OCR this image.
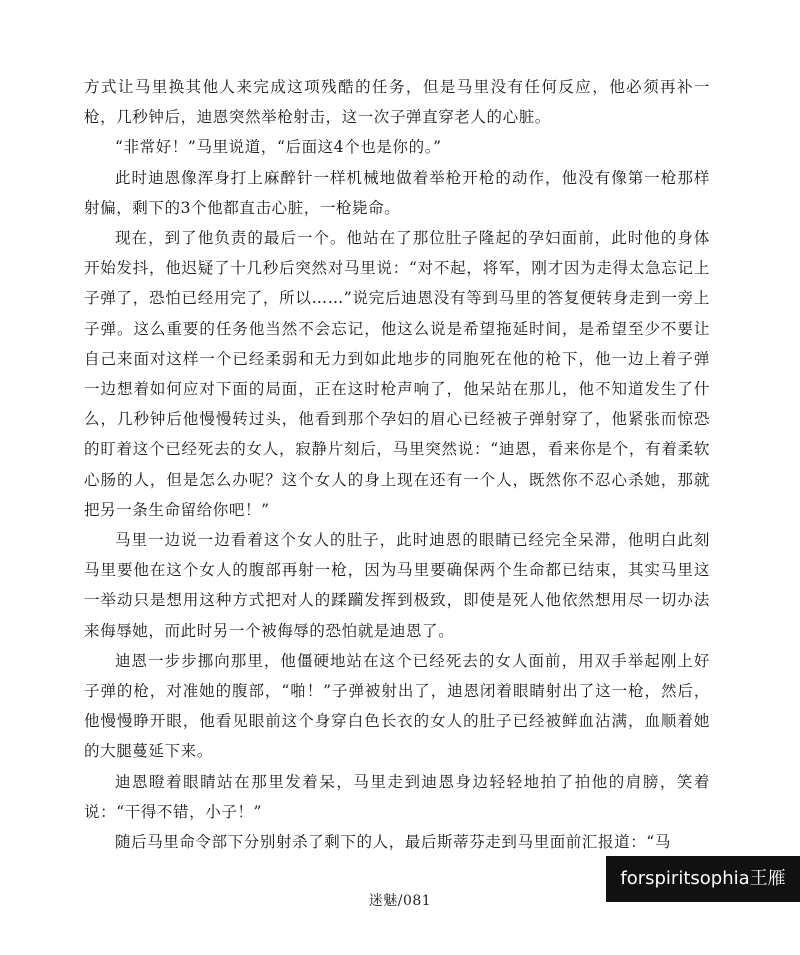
方式让马里换其他人来完成这项残酷的任务，但是马里没有任何反应，他必须再补一枪，几秒钟后，迪恩突然举枪射击，这一次子弹直穿老人的心脏。

“非常好！”马里说道，“后面这4个也是你的。”

此时迪恩像浑身打上麻醉针一样机械地做着举枪开枪的动作，他没有像第一枪那样射偏，剩下的3个他都直击心脏，一枪毙命。

现在，到了他负责的最后一个。他站在了那位肚子隆起的孕妇面前，此时他的身体开始发抖，他迟疑了十几秒后突然对马里说：“对不起，将军，刚才因为走得太急忘记上子弹了，恐怕已经用完了，所以……”说完后迪恩没有等到马里的答复便转身走到一旁上子弹。这么重要的任务他当然不会忘记，他这么说是希望拖延时间，是希望至少不要让自己来面对这样一个已经柔弱和无力到如此地步的同胞死在他的枪下，他一边上着子弹一边想着如何应对下面的局面，正在这时枪声响了，他呆站在那儿，他不知道发生了什么，几秒钟后他慢慢转过头，他看到那个孕妇的眉心已经被子弹射穿了，他紧张而惊恐的盯着这个已经死去的女人，寂静片刻后，马里突然说：“迪恩，看来你是个，有着柔软心肠的人，但是怎么办呢？这个女人的身上现在还有一个人，既然你不忍心杀她，那就把另一条生命留给你吧！”

马里一边说一边看着这个女人的肚子，此时迪恩的眼睛已经完全呆滞，他明白此刻马里要他在这个女人的腹部再射一枪，因为马里要确保两个生命都已结束，其实马里这一举动只是想用这种方式把对人的蹂躏发挥到极致，即使是死人他依然想用尽一切办法来侮辱她，而此时另一个被侮辱的恐怕就是迪恩了。

迪恩一步步挪向那里，他僵硬地站在这个已经死去的女人面前，用双手举起刚上好子弹的枪，对准她的腹部，“啪！”子弹被射出了，迪恩闭着眼睛射出了这一枪，然后，他慢慢睁开眼，他看见眼前这个身穿白色长衣的女人的肚子已经被鲜血沾满，血顺着她的大腿蔓延下来。

迪恩瞪着眼睛站在那里发着呆，马里走到迪恩身边轻轻地拍了拍他的肩膀，笑着说：“干得不错，小子！”

随后马里命令部下分别射杀了剩下的人，最后斯蒂芬走到马里面前汇报道：“马

迷魅/081
forspiritsophia王雁
